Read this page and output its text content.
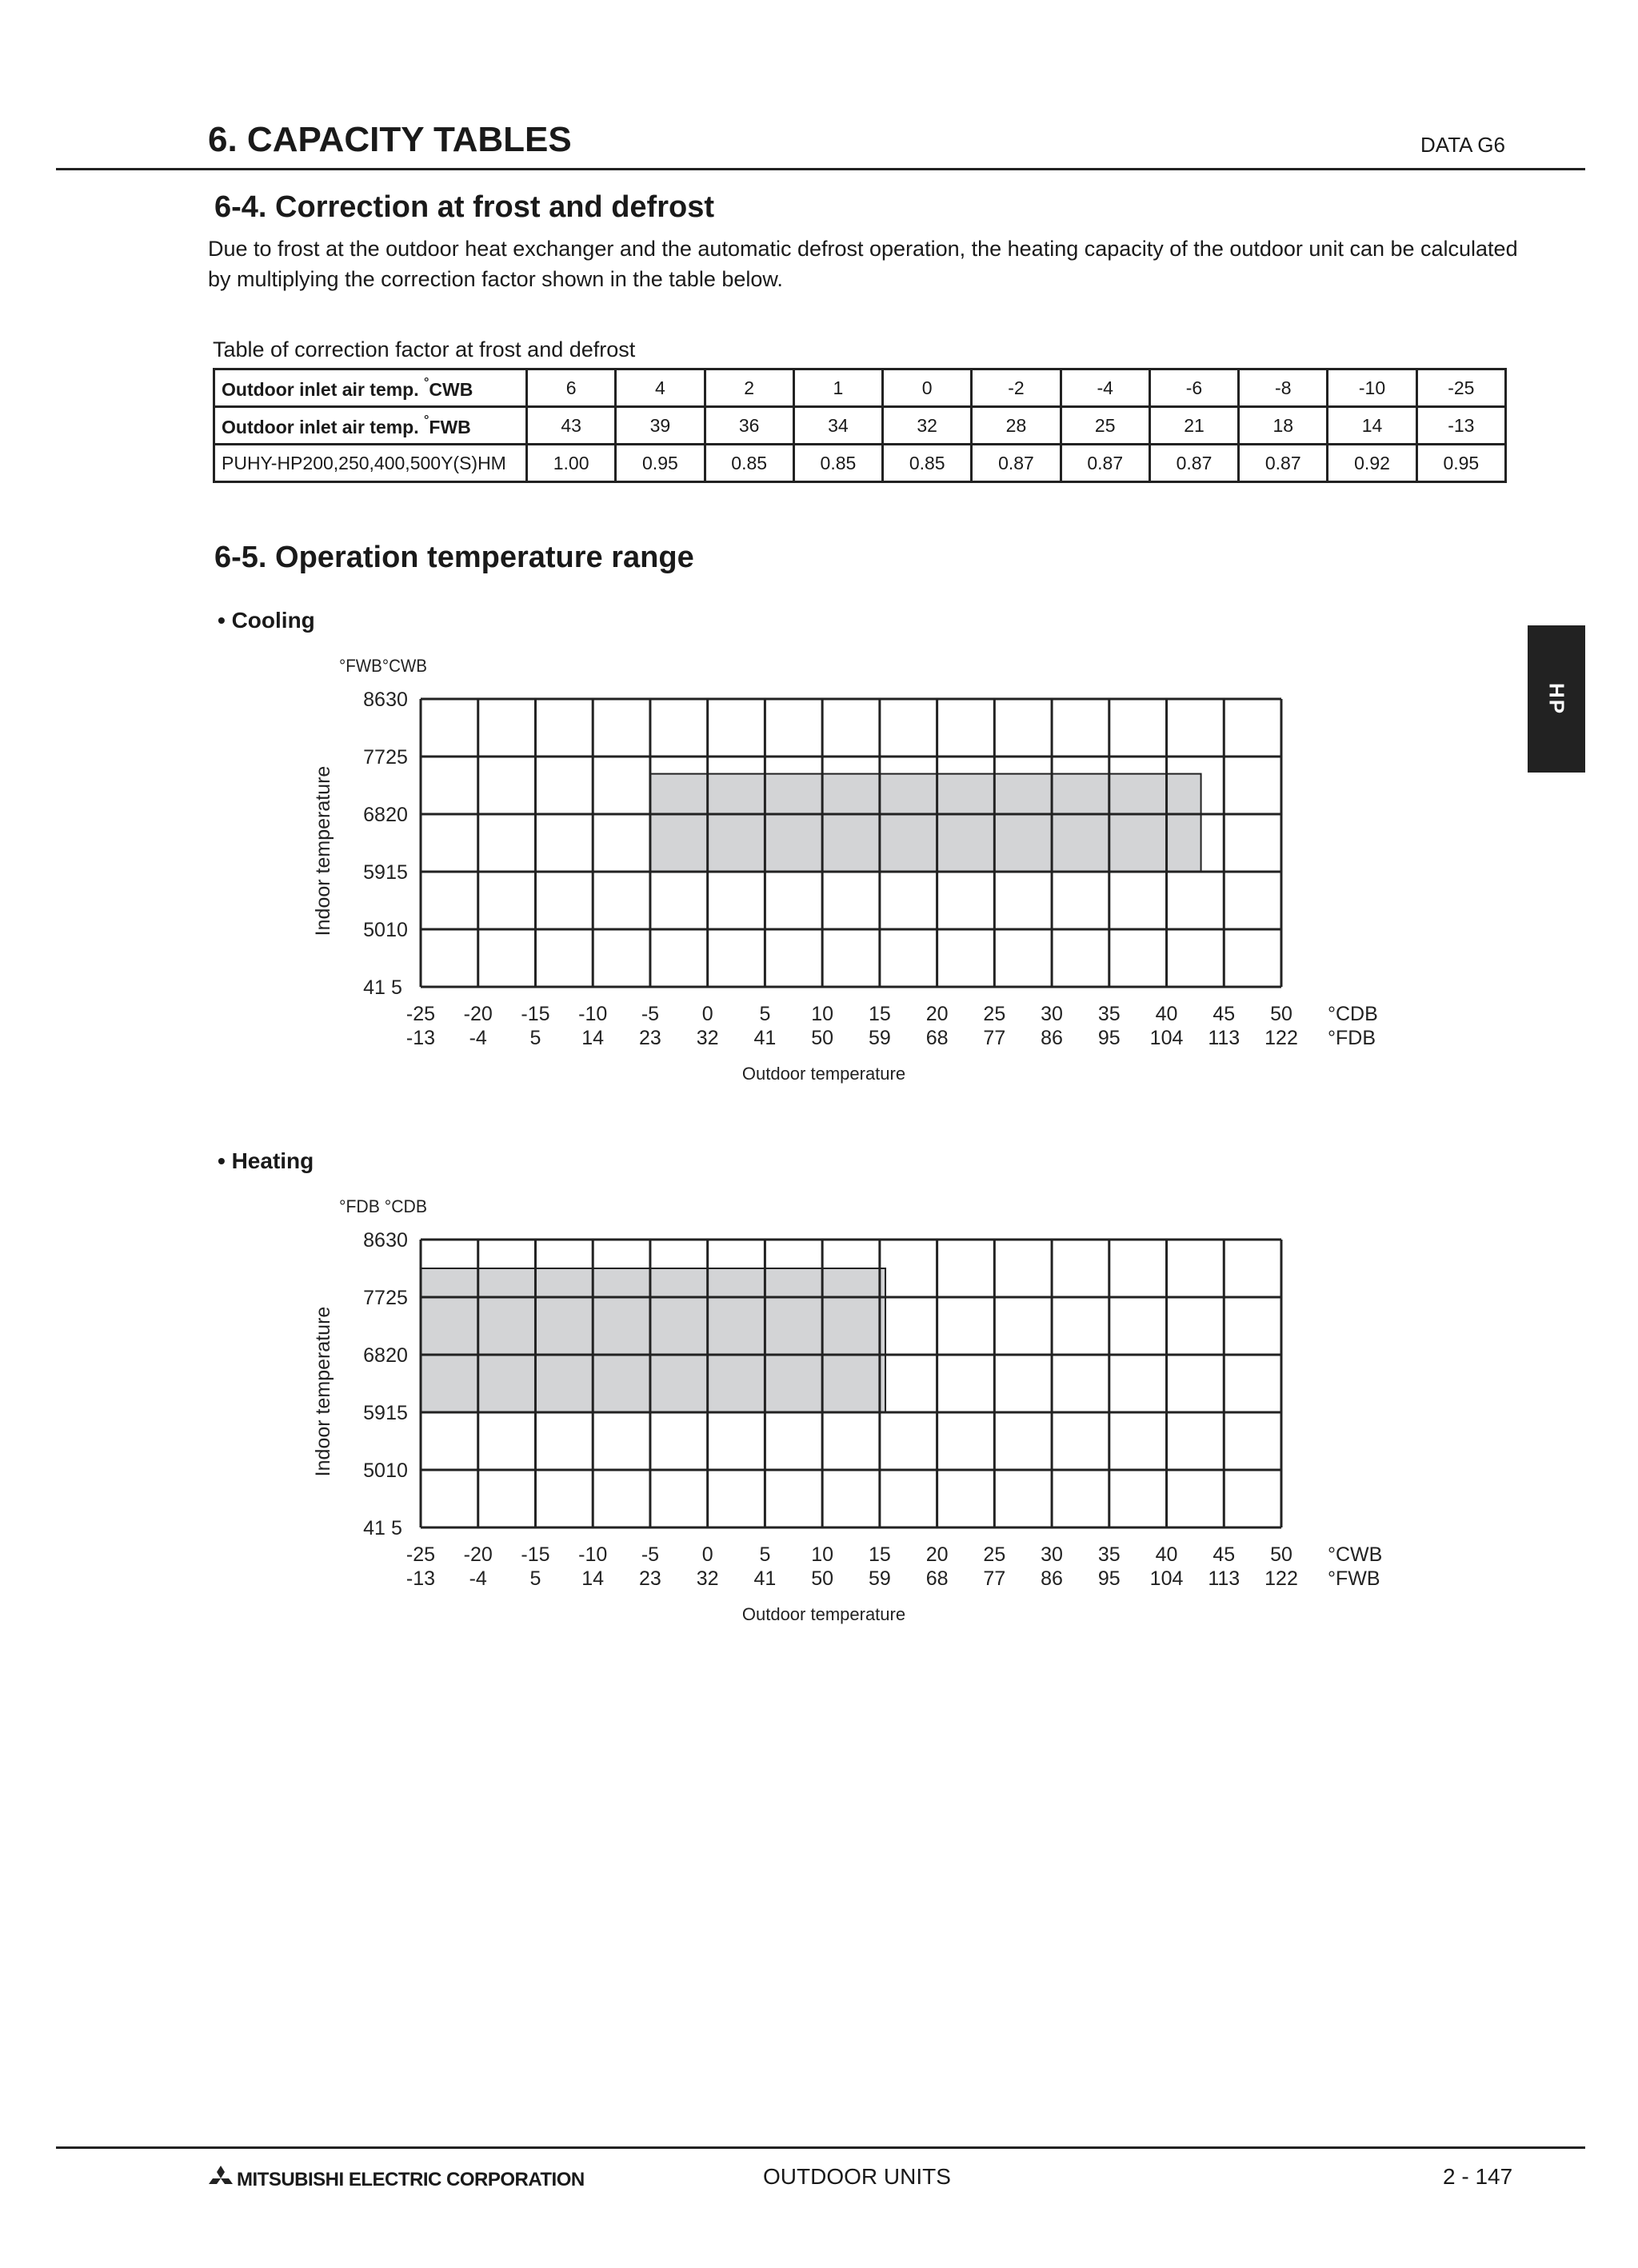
6. CAPACITY TABLES	DATA G6
6-4. Correction at frost and defrost
Due to frost at the outdoor heat exchanger and the automatic defrost operation, the heating capacity of the outdoor unit can be calculated by multiplying the correction factor shown in the table below.
Table of correction factor at frost and defrost
Outdoor inlet air temp. °CWB	6	4	2	1	0	-2	-4	-6	-8	-10	-25
Outdoor inlet air temp. °FWB	43	39	36	34	32	28	25	21	18	14	-13
PUHY-HP200,250,400,500Y(S)HM	1.00	0.95	0.85	0.85	0.85	0.87	0.87	0.87	0.87	0.92	0.95
6-5. Operation temperature range
• Cooling
• Heating
HP
86 30
77 25
68 20
59 15
50 10
41 5
°FWB°CWB
Indoor temperature
-25
-13
-20
-4
-15
5
-10
14
-5
23
0
32
5
41
10
50
15
59
20
68
25
77
30
86
35
95
40
104
45
113
50
122
°CDB
°FDB
Outdoor temperature
86 30
77 25
68 20
59 15
50 10
41 5
°FDB °CDB
Indoor temperature
-25
-13
-20
-4
-15
5
-10
14
-5
23
0
32
5
41
10
50
15
59
20
68
25
77
30
86
35
95
40
104
45
113
50
122
°CWB
°FWB
Outdoor temperature
MITSUBISHI ELECTRIC CORPORATION	OUTDOOR UNITS	2 - 147
